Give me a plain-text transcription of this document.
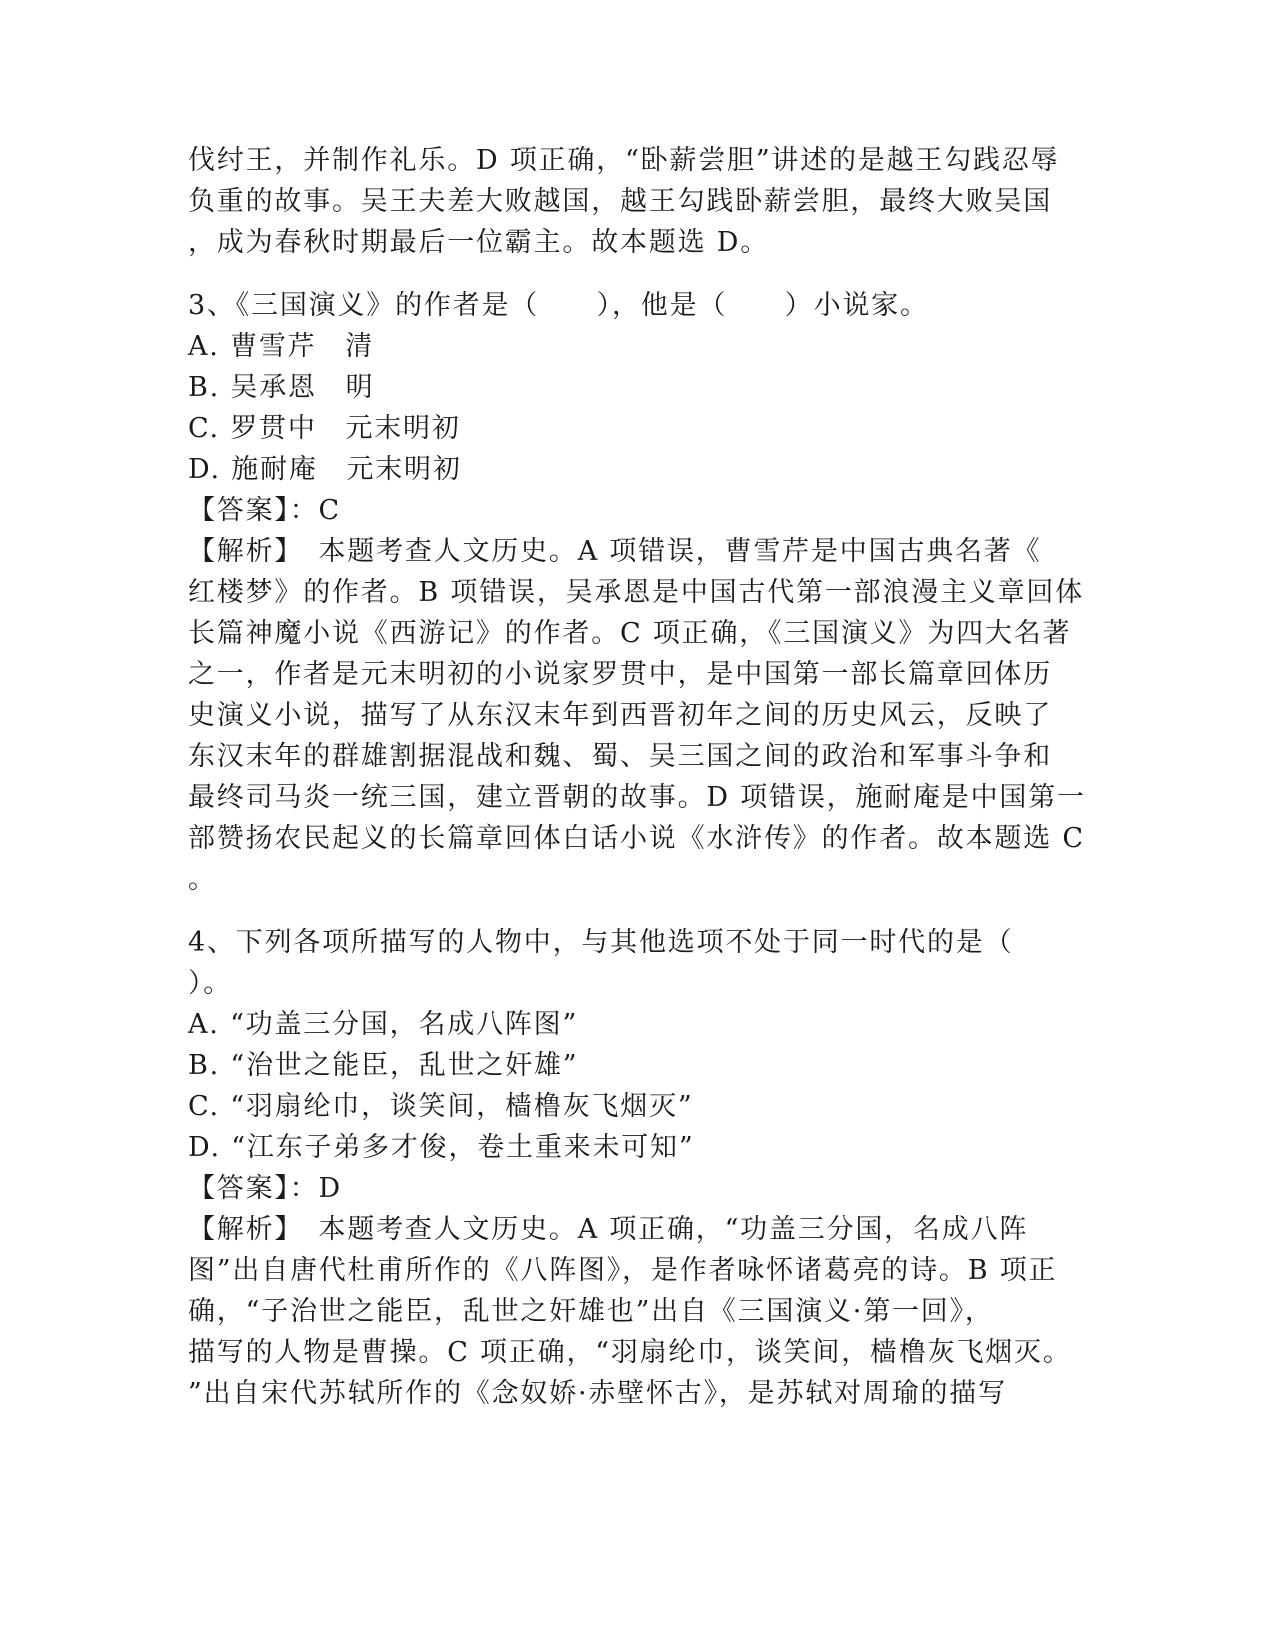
伐纣王，并制作礼乐。D 项正确，“卧薪尝胆”讲述的是越王勾践忍辱
负重的故事。吴王夫差大败越国，越王勾践卧薪尝胆，最终大败吴国
，成为春秋时期最后一位霸主。故本题选 D。
3、《三国演义》的作者是（　　），他是（　　）小说家。
A. 曹雪芹　清
B. 吴承恩　明
C. 罗贯中　元末明初
D. 施耐庵　元末明初
【答案】：C
【解析】　本题考查人文历史。A 项错误，曹雪芹是中国古典名著《
红楼梦》的作者。B 项错误，吴承恩是中国古代第一部浪漫主义章回体
长篇神魔小说《西游记》的作者。C 项正确，《三国演义》为四大名著
之一，作者是元末明初的小说家罗贯中，是中国第一部长篇章回体历
史演义小说，描写了从东汉末年到西晋初年之间的历史风云，反映了
东汉末年的群雄割据混战和魏、蜀、吴三国之间的政治和军事斗争和
最终司马炎一统三国，建立晋朝的故事。D 项错误，施耐庵是中国第一
部赞扬农民起义的长篇章回体白话小说《水浒传》的作者。故本题选 C
。
4、下列各项所描写的人物中，与其他选项不处于同一时代的是（
）。
A. “功盖三分国，名成八阵图”
B. “治世之能臣，乱世之奸雄”
C. “羽扇纶巾，谈笑间，樯橹灰飞烟灭”
D. “江东子弟多才俊，卷土重来未可知”
【答案】：D
【解析】　本题考查人文历史。A 项正确，“功盖三分国，名成八阵
图”出自唐代杜甫所作的《八阵图》，是作者咏怀诸葛亮的诗。B 项正
确，“子治世之能臣，乱世之奸雄也”出自《三国演义·第一回》，
描写的人物是曹操。C 项正确，“羽扇纶巾，谈笑间，樯橹灰飞烟灭。
”出自宋代苏轼所作的《念奴娇·赤壁怀古》，是苏轼对周瑜的描写
